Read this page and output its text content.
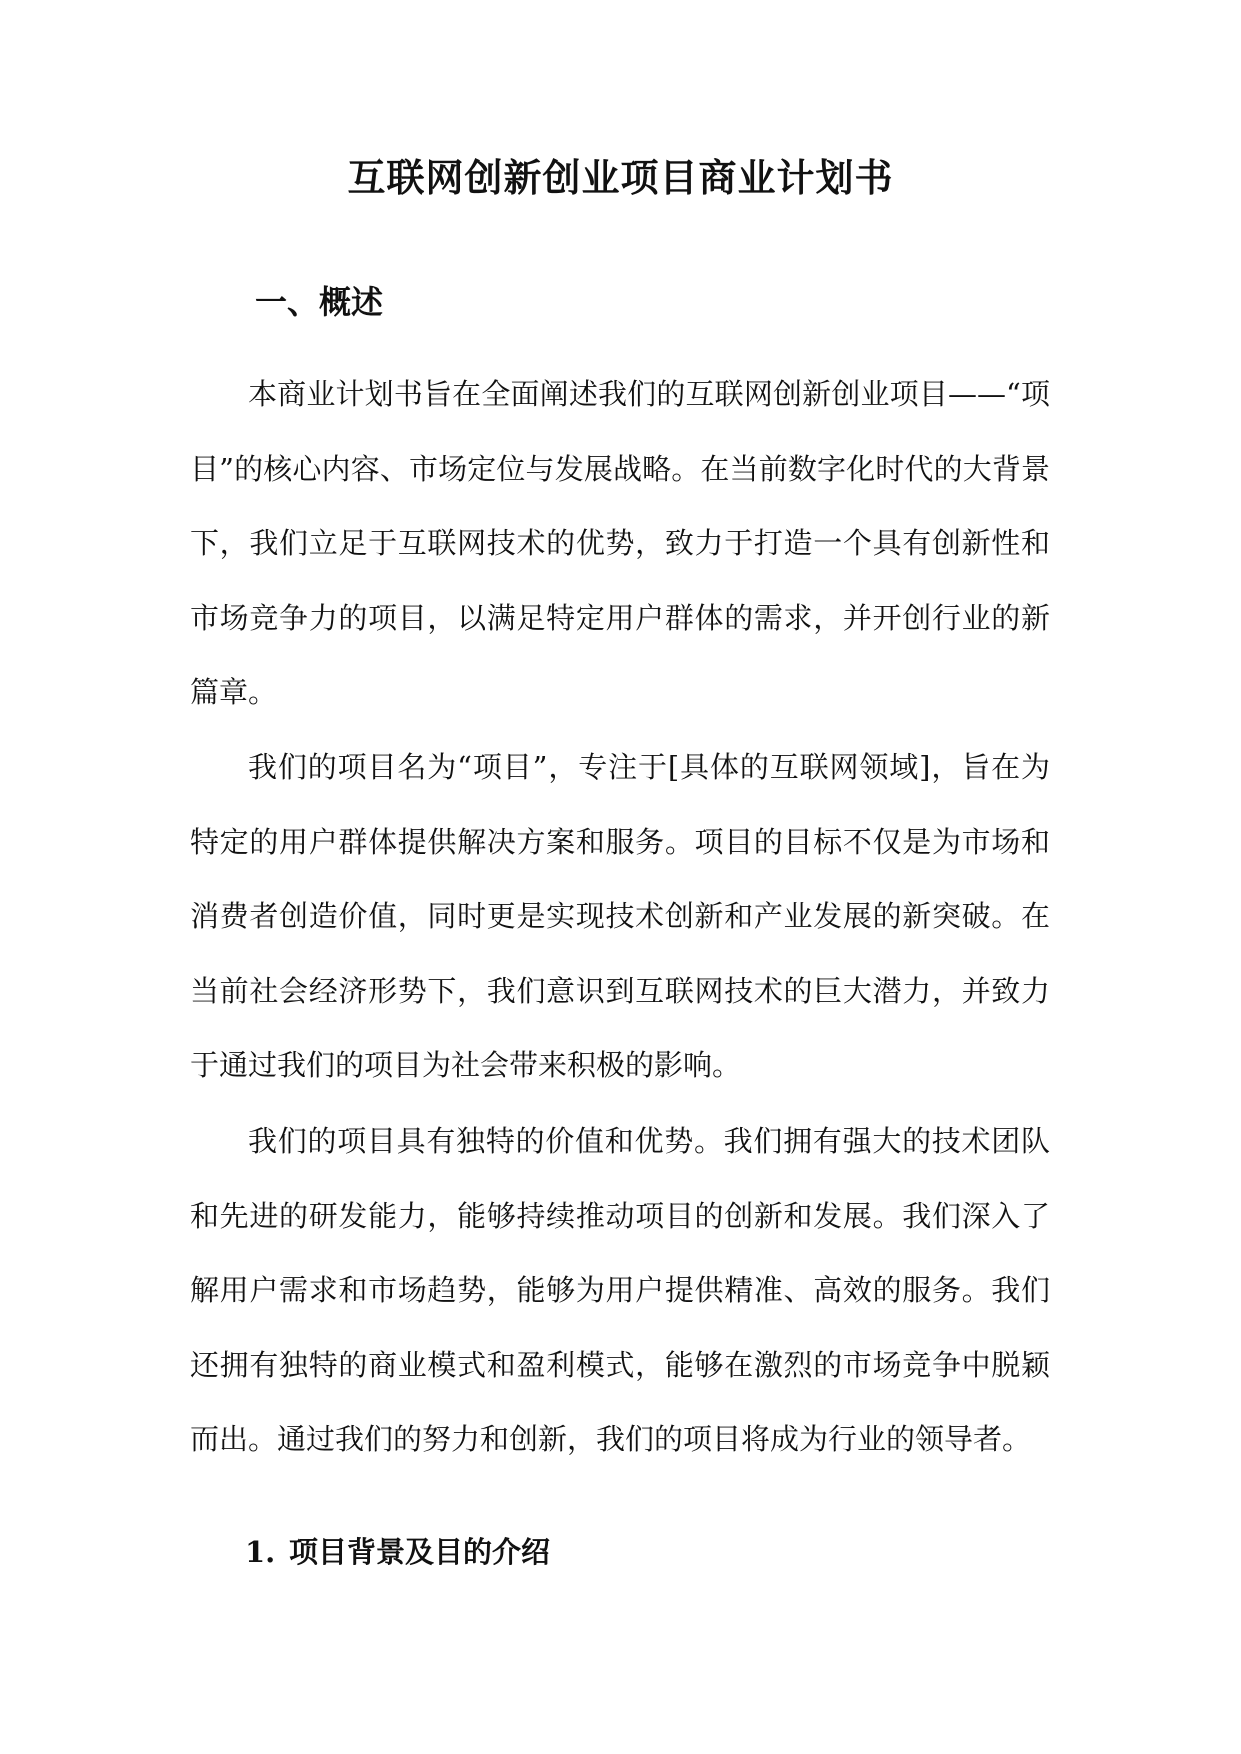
互联网创新创业项目商业计划书
一、概述

本商业计划书旨在全面阐述我们的互联网创新创业项目——“项目”的核心内容、市场定位与发展战略。在当前数字化时代的大背景下，我们立足于互联网技术的优势，致力于打造一个具有创新性和市场竞争力的项目，以满足特定用户群体的需求，并开创行业的新篇章。

我们的项目名为“项目”，专注于[具体的互联网领域]，旨在为特定的用户群体提供解决方案和服务。项目的目标不仅是为市场和消费者创造价值，同时更是实现技术创新和产业发展的新突破。在当前社会经济形势下，我们意识到互联网技术的巨大潜力，并致力于通过我们的项目为社会带来积极的影响。

我们的项目具有独特的价值和优势。我们拥有强大的技术团队和先进的研发能力，能够持续推动项目的创新和发展。我们深入了解用户需求和市场趋势，能够为用户提供精准、高效的服务。我们还拥有独特的商业模式和盈利模式，能够在激烈的市场竞争中脱颖而出。通过我们的努力和创新，我们的项目将成为行业的领导者。

1. 项目背景及目的介绍
